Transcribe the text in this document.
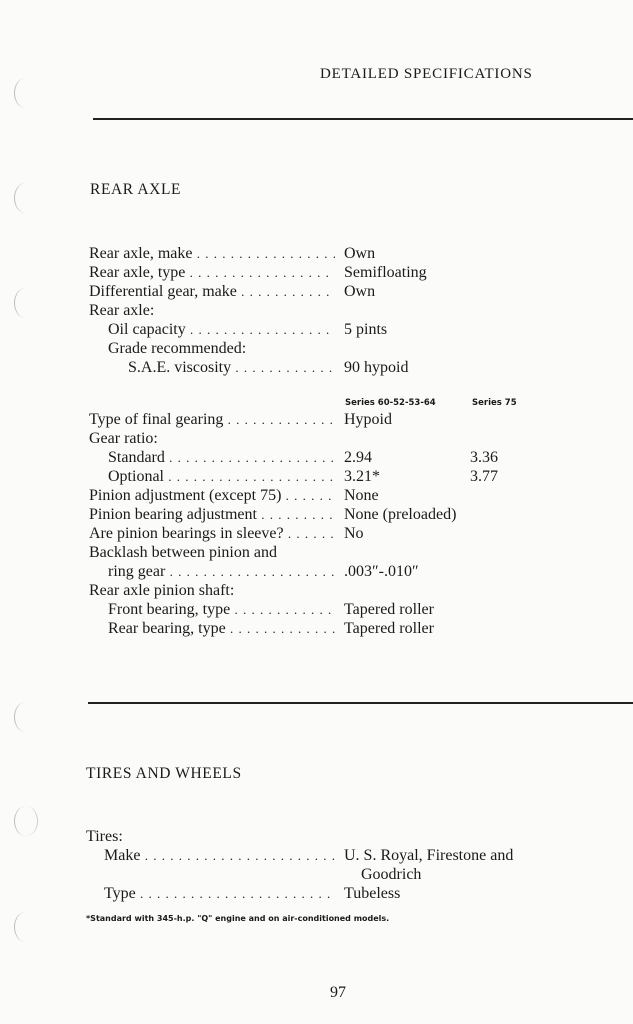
DETAILED SPECIFICATIONS
REAR AXLE
Rear axle, make . . .	Own
Rear axle, type . . .	Semifloating
Differential gear, make . . .	Own
Rear axle:
Oil capacity . . .	5 pints
Grade recommended:
S.A.E. viscosity . . .	90 hypoid
Series 60-52-53-64	Series 75
Type of final gearing . . .	Hypoid
Gear ratio:
Standard . . .	2.94	3.36
Optional . . .	3.21*	3.77
Pinion adjustment (except 75) . . .	None
Pinion bearing adjustment . . .	None (preloaded)
Are pinion bearings in sleeve? . . .	No
Backlash between pinion and
ring gear . . .	.003″-.010″
Rear axle pinion shaft:
Front bearing, type . . .	Tapered roller
Rear bearing, type . . .	Tapered roller
TIRES AND WHEELS
Tires:
Make . . .	U. S. Royal, Firestone and
Goodrich
Type . . .	Tubeless
*Standard with 345-h.p. "Q" engine and on air-conditioned models.
97
